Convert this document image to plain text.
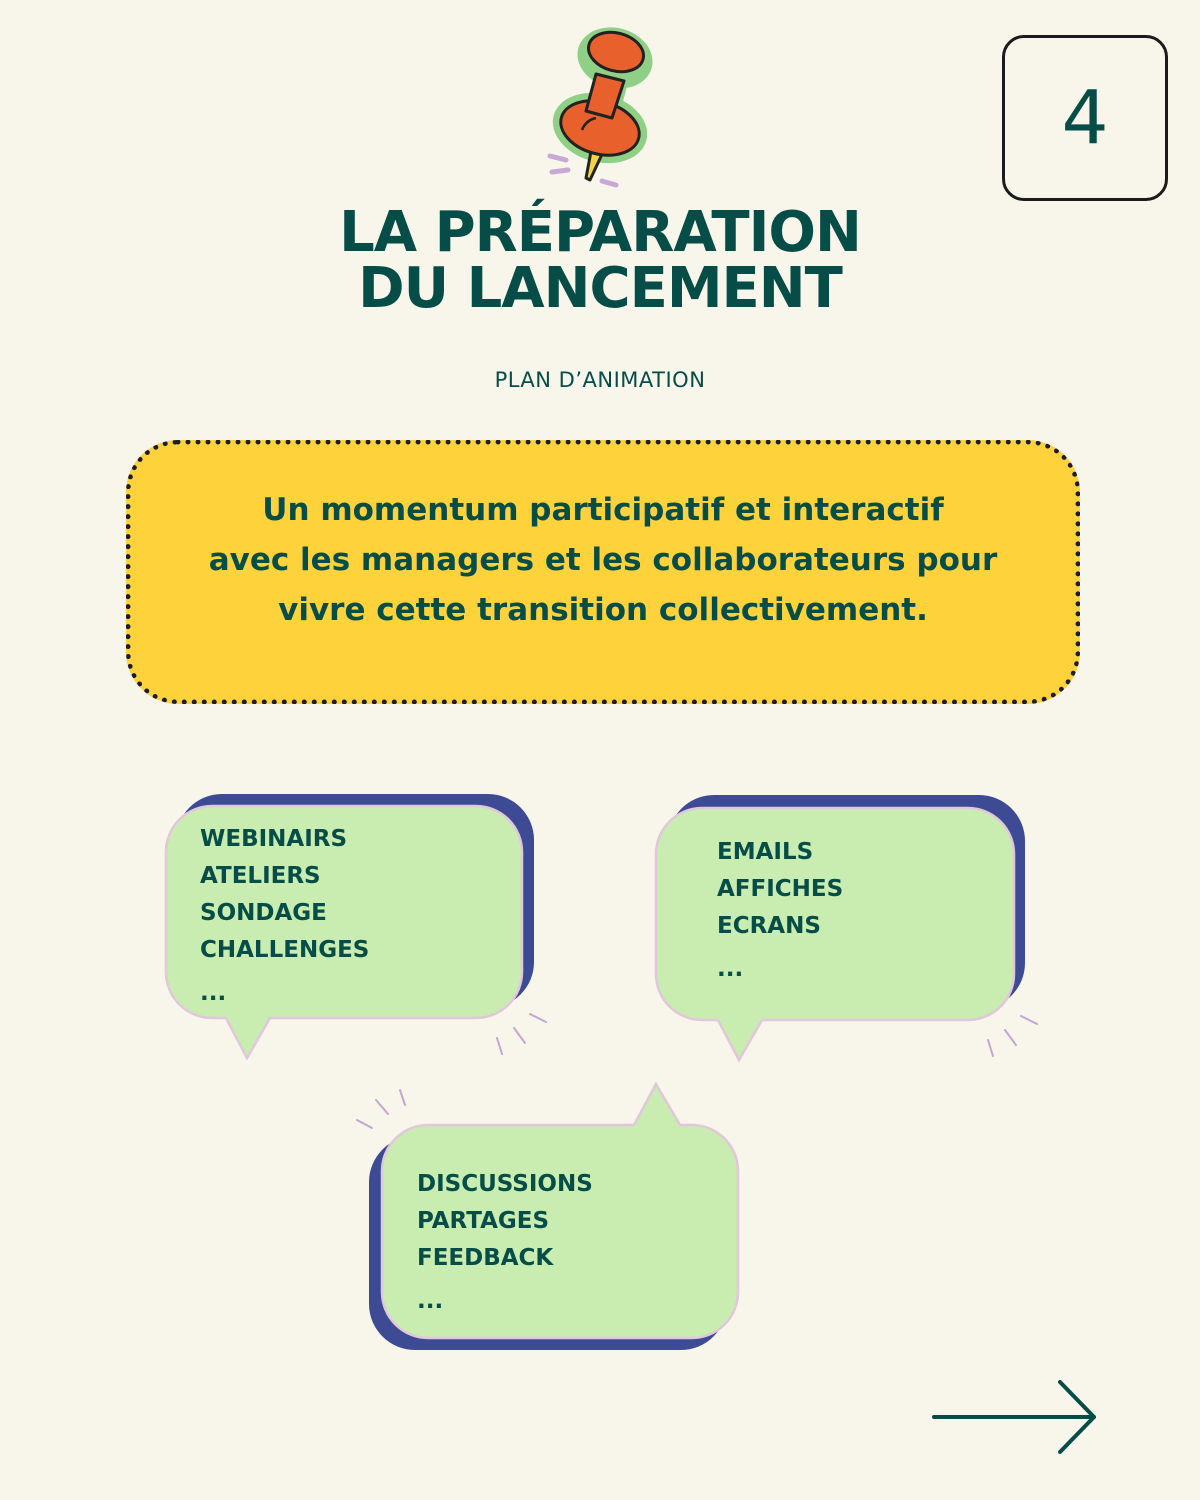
4
LA PRÉPARATION
DU LANCEMENT
PLAN D’ANIMATION
Un momentum participatif et interactif
avec les managers et les collaborateurs pour
vivre cette transition collectivement.
WEBINAIRS
ATELIERS
SONDAGE
CHALLENGES
...
EMAILS
AFFICHES
ECRANS
...
DISCUSSIONS
PARTAGES
FEEDBACK
...
